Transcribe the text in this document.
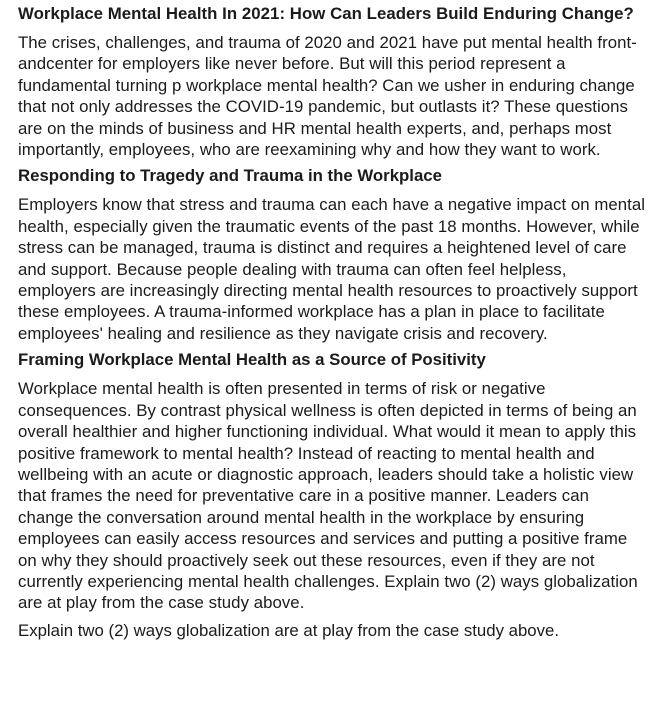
Workplace Mental Health In 2021: How Can Leaders Build Enduring Change?

The crises, challenges, and trauma of 2020 and 2021 have put mental health front-andcenter for employers like never before. But will this period represent a fundamental turning p workplace mental health? Can we usher in enduring change that not only addresses the COVID-19 pandemic, but outlasts it? These questions are on the minds of business and HR mental health experts, and, perhaps most importantly, employees, who are reexamining why and how they want to work.

Responding to Tragedy and Trauma in the Workplace

Employers know that stress and trauma can each have a negative impact on mental health, especially given the traumatic events of the past 18 months. However, while stress can be managed, trauma is distinct and requires a heightened level of care and support. Because people dealing with trauma can often feel helpless, employers are increasingly directing mental health resources to proactively support these employees. A trauma-informed workplace has a plan in place to facilitate employees' healing and resilience as they navigate crisis and recovery.

Framing Workplace Mental Health as a Source of Positivity

Workplace mental health is often presented in terms of risk or negative consequences. By contrast physical wellness is often depicted in terms of being an overall healthier and higher functioning individual. What would it mean to apply this positive framework to mental health? Instead of reacting to mental health and wellbeing with an acute or diagnostic approach, leaders should take a holistic view that frames the need for preventative care in a positive manner. Leaders can change the conversation around mental health in the workplace by ensuring employees can easily access resources and services and putting a positive frame on why they should proactively seek out these resources, even if they are not currently experiencing mental health challenges. Explain two (2) ways globalization are at play from the case study above.

Explain two (2) ways globalization are at play from the case study above.
